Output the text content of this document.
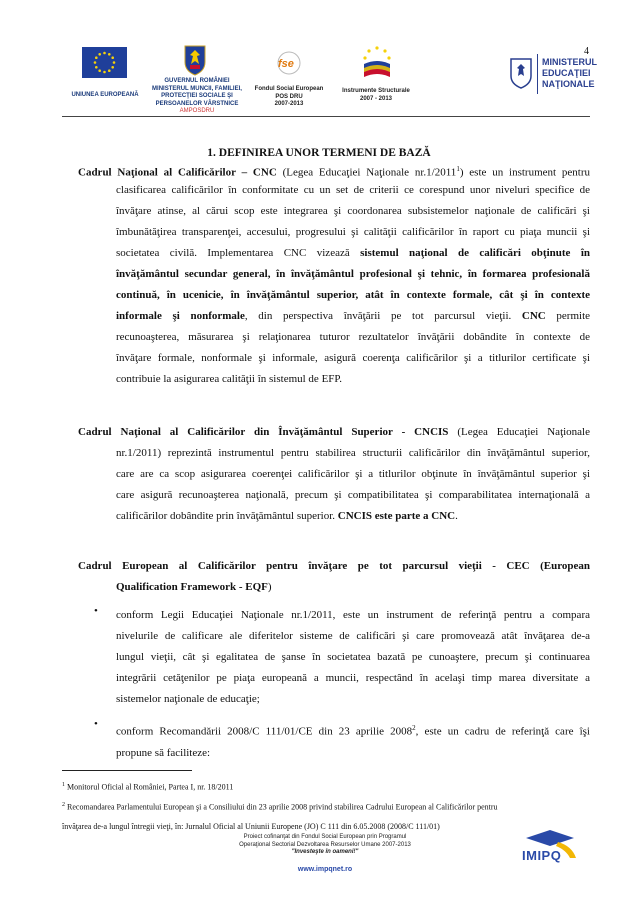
4
UNIUNEA EUROPEANĂ
GUVERNUL ROMÂNIEI
MINISTERUL MUNCII, FAMILIEI,
PROTECŢIEI SOCIALE ŞI
PERSOANELOR VÂRSTNICE
AMPOSDRU
fse
Fondul Social European
POS DRU
2007-2013
Instrumente Structurale
2007 - 2013
MINISTERUL
EDUCAŢIEI
NAŢIONALE
1. DEFINIREA UNOR TERMENI DE BAZĂ
Cadrul Naţional al Calificărilor – CNC (Legea Educaţiei Naţionale nr.1/2011$^1$) este un instrument pentru
clasificarea calificărilor în conformitate cu un set de criterii ce corespund unor niveluri specifice de
învăţare atinse, al cărui scop este integrarea şi coordonarea subsistemelor naţionale de calificări şi
îmbunătăţirea transparenţei, accesului, progresului şi calităţii calificărilor în raport cu piaţa muncii şi
societatea civilă. Implementarea CNC vizează sistemul naţional de calificări obţinute în
învăţământul secundar general, în învăţământul profesional şi tehnic, în formarea profesională
continuă, în ucenicie, în învăţământul superior, atât în contexte formale, cât şi în contexte
informale şi nonformale, din perspectiva învăţării pe tot parcursul vieţii. CNC permite
recunoaşterea, măsurarea şi relaţionarea tuturor rezultatelor învăţării dobândite în contexte de
învăţare formale, nonformale şi informale, asigură coerenţa calificărilor şi a titlurilor certificate şi
contribuie la asigurarea calităţii în sistemul de EFP.
Cadrul Naţional al Calificărilor din Învăţământul Superior - CNCIS (Legea Educaţiei Naţionale
nr.1/2011) reprezintă instrumentul pentru stabilirea structurii calificărilor din învăţământul superior,
care are ca scop asigurarea coerenţei calificărilor şi a titlurilor obţinute în învăţământul superior şi
care asigură recunoaşterea naţională, precum şi compatibilitatea şi comparabilitatea internaţională a
calificărilor dobândite prin învăţământul superior. CNCIS este parte a CNC.
Cadrul European al Calificărilor pentru învăţare pe tot parcursul vieţii - CEC (European
Qualification Framework - EQF)
• conform Legii Educaţiei Naţionale nr.1/2011, este un instrument de referinţă pentru a compara
nivelurile de calificare ale diferitelor sisteme de calificări şi care promovează atât învăţarea de-a
lungul vieţii, cât şi egalitatea de şanse în societatea bazată pe cunoaştere, precum şi continuarea
integrării cetăţenilor pe piaţa europeană a muncii, respectând în acelaşi timp marea diversitate a
sistemelor naţionale de educaţie;
•
conform Recomandării 2008/C 111/01/CE din 23 aprilie 2008$^2$, este un cadru de referinţă care îşi
propune să faciliteze:
$^1$ Monitorul Oficial al României, Partea I, nr. 18/2011
$^2$ Recomandarea Parlamentului European şi a Consiliului din 23 aprilie 2008 privind stabilirea Cadrului European al Calificărilor pentru
învăţarea de-a lungul întregii vieţi, în: Jurnalul Oficial al Uniunii Europene (JO) C 111 din 6.05.2008 (2008/C 111/01)
Proiect cofinanţat din Fondul Social European prin Programul
Operaţional Sectorial Dezvoltarea Resurselor Umane 2007-2013
"Investeşte în oameni!"
www.impqnet.ro
IMIPQ
